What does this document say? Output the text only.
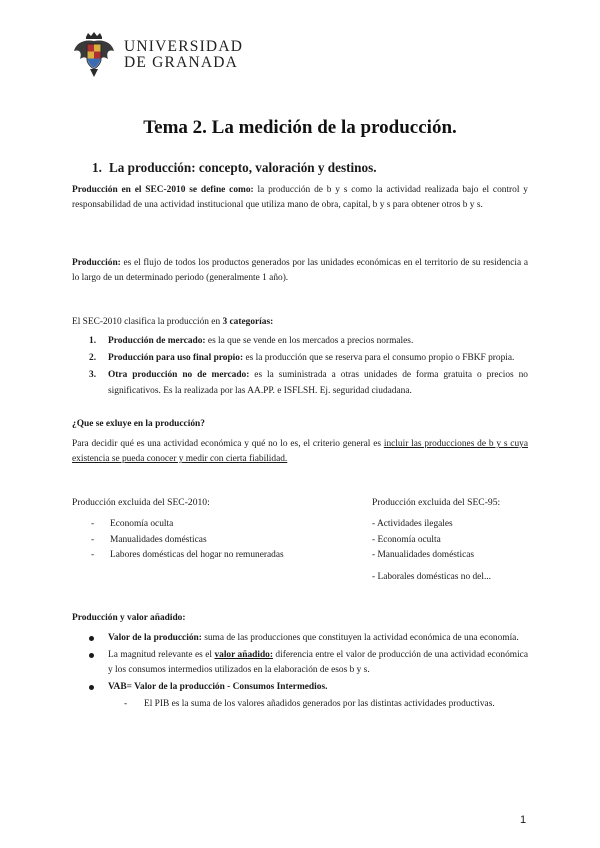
UNIVERSIDAD
DE GRANADA
Tema 2. La medición de la producción.
1. La producción: concepto, valoración y destinos.
Producción en el SEC-2010 se define como: la producción de b y s como la actividad realizada bajo el control y responsabilidad de una actividad institucional que utiliza mano de obra, capital, b y s para obtener otros b y s.
Producción: es el flujo de todos los productos generados por las unidades económicas en el territorio de su residencia a lo largo de un determinado periodo (generalmente 1 año).
El SEC-2010 clasifica la producción en 3 categorías:
1. Producción de mercado: es la que se vende en los mercados a precios normales.
2. Producción para uso final propio: es la producción que se reserva para el consumo propio o FBKF propia.
3. Otra producción no de mercado: es la suministrada a otras unidades de forma gratuita o precios no significativos. Es la realizada por las AA.PP. e ISFLSH. Ej. seguridad ciudadana.
¿Que se exluye en la producción?
Para decidir qué es una actividad económica y qué no lo es, el criterio general es incluir las producciones de b y s cuya existencia se pueda conocer y medir con cierta fiabilidad.
Producción excluida del SEC-2010:
- Economía oculta
- Manualidades domésticas
- Labores domésticas del hogar no remuneradas
Producción excluida del SEC-95:
- Actividades ilegales
- Economía oculta
- Manualidades domésticas
- Laborales domésticas no del...
Producción y valor añadido:
Valor de la producción: suma de las producciones que constituyen la actividad económica de una economía.
La magnitud relevante es el valor añadido: diferencia entre el valor de producción de una actividad económica y los consumos intermedios utilizados en la elaboración de esos b y s.
VAB= Valor de la producción - Consumos Intermedios.
- El PIB es la suma de los valores añadidos generados por las distintas actividades productivas.
1
